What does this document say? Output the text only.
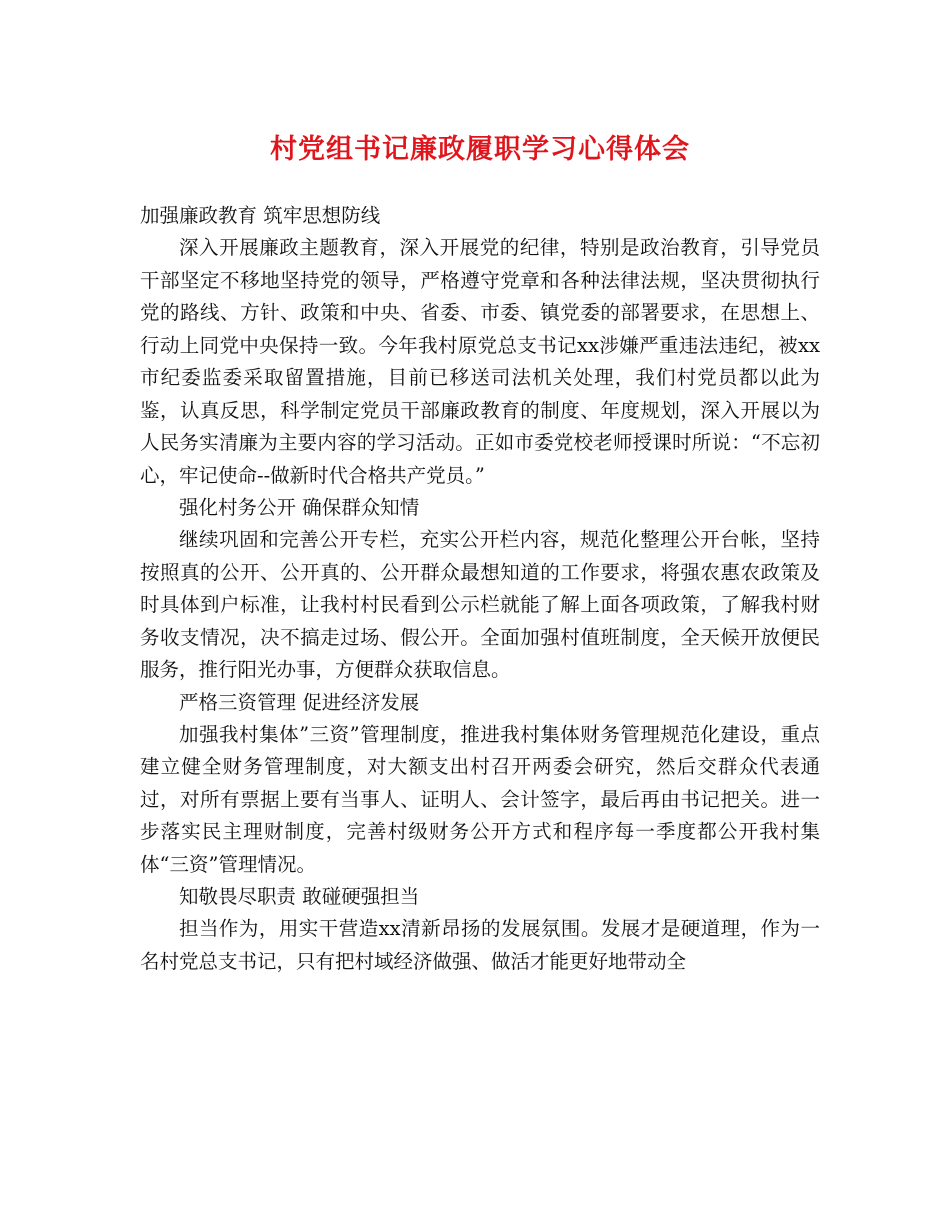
村党组书记廉政履职学习心得体会

加强廉政教育 筑牢思想防线

深入开展廉政主题教育，深入开展党的纪律，特别是政治教育，引导党员干部坚定不移地坚持党的领导，严格遵守党章和各种法律法规，坚决贯彻执行党的路线、方针、政策和中央、省委、市委、镇党委的部署要求，在思想上、行动上同党中央保持一致。今年我村原党总支书记xx涉嫌严重违法违纪，被xx市纪委监委采取留置措施，目前已移送司法机关处理，我们村党员都以此为鉴，认真反思，科学制定党员干部廉政教育的制度、年度规划，深入开展以为人民务实清廉为主要内容的学习活动。正如市委党校老师授课时所说：“不忘初心，牢记使命--做新时代合格共产党员。”

强化村务公开 确保群众知情

继续巩固和完善公开专栏，充实公开栏内容，规范化整理公开台帐，坚持按照真的公开、公开真的、公开群众最想知道的工作要求，将强农惠农政策及时具体到户标准，让我村村民看到公示栏就能了解上面各项政策，了解我村财务收支情况，决不搞走过场、假公开。全面加强村值班制度，全天候开放便民服务，推行阳光办事，方便群众获取信息。

严格三资管理 促进经济发展

加强我村集体”三资”管理制度，推进我村集体财务管理规范化建设，重点建立健全财务管理制度，对大额支出村召开两委会研究，然后交群众代表通过，对所有票据上要有当事人、证明人、会计签字，最后再由书记把关。进一步落实民主理财制度，完善村级财务公开方式和程序每一季度都公开我村集体“三资”管理情况。

知敬畏尽职责 敢碰硬强担当

担当作为，用实干营造xx清新昂扬的发展氛围。发展才是硬道理，作为一名村党总支书记，只有把村域经济做强、做活才能更好地带动全
